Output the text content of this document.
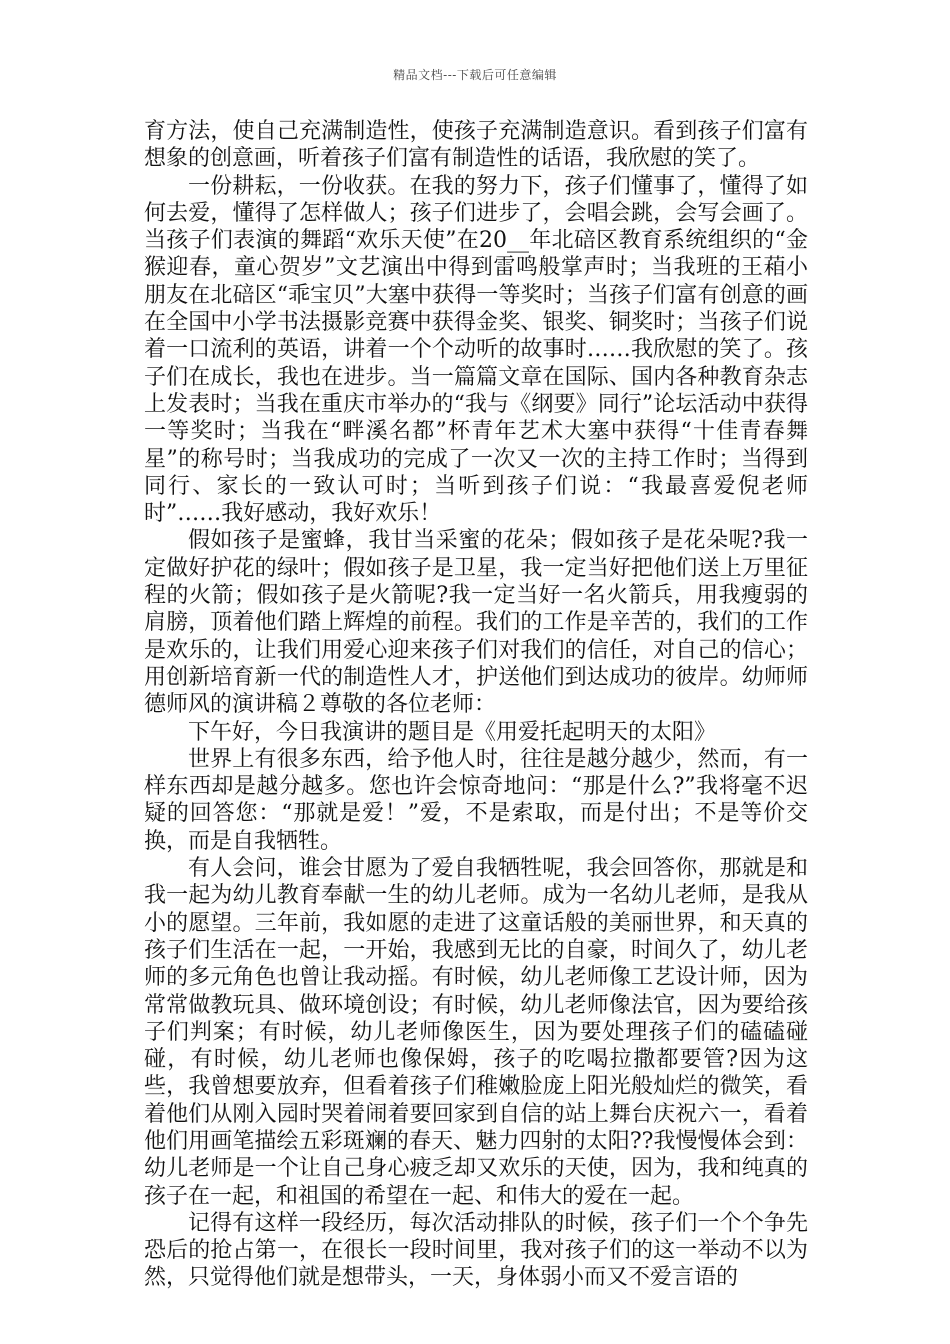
精品文档---下载后可任意编辑

育方法，使自己充满制造性，使孩子充满制造意识。看到孩子们富有想象的创意画，听着孩子们富有制造性的话语，我欣慰的笑了。

一份耕耘，一份收获。在我的努力下，孩子们懂事了，懂得了如何去爱，懂得了怎样做人；孩子们进步了，会唱会跳，会写会画了。当孩子们表演的舞蹈“欢乐天使”在20__年北碚区教育系统组织的“金猴迎春，童心贺岁”文艺演出中得到雷鸣般掌声时；当我班的王葙小朋友在北碚区“乖宝贝”大塞中获得一等奖时；当孩子们富有创意的画在全国中小学书法摄影竞赛中获得金奖、银奖、铜奖时；当孩子们说着一口流利的英语，讲着一个个动听的故事时……我欣慰的笑了。孩子们在成长，我也在进步。当一篇篇文章在国际、国内各种教育杂志上发表时；当我在重庆市举办的“我与《纲要》同行”论坛活动中获得一等奖时；当我在“畔溪名都”杯青年艺术大塞中获得“十佳青春舞星”的称号时；当我成功的完成了一次又一次的主持工作时；当得到同行、家长的一致认可时；当听到孩子们说：“我最喜爱倪老师时”……我好感动，我好欢乐！

假如孩子是蜜蜂，我甘当采蜜的花朵；假如孩子是花朵呢?我一定做好护花的绿叶；假如孩子是卫星，我一定当好把他们送上万里征程的火箭；假如孩子是火箭呢?我一定当好一名火箭兵，用我瘦弱的肩膀，顶着他们踏上辉煌的前程。我们的工作是辛苦的，我们的工作是欢乐的，让我们用爱心迎来孩子们对我们的信任，对自己的信心；用创新培育新一代的制造性人才，护送他们到达成功的彼岸。幼师师德师风的演讲稿２尊敬的各位老师：

下午好，今日我演讲的题目是《用爱托起明天的太阳》

世界上有很多东西，给予他人时，往往是越分越少，然而，有一样东西却是越分越多。您也许会惊奇地问：“那是什么?”我将毫不迟疑的回答您：“那就是爱！”爱，不是索取，而是付出；不是等价交换，而是自我牺牲。

有人会问，谁会甘愿为了爱自我牺牲呢，我会回答你，那就是和我一起为幼儿教育奉献一生的幼儿老师。成为一名幼儿老师，是我从小的愿望。三年前，我如愿的走进了这童话般的美丽世界，和天真的孩子们生活在一起，一开始，我感到无比的自豪，时间久了，幼儿老师的多元角色也曾让我动摇。有时候，幼儿老师像工艺设计师，因为常常做教玩具、做环境创设；有时候，幼儿老师像法官，因为要给孩子们判案；有时候，幼儿老师像医生，因为要处理孩子们的磕磕碰碰，有时候，幼儿老师也像保姆，孩子的吃喝拉撒都要管?因为这些，我曾想要放弃，但看着孩子们稚嫩脸庞上阳光般灿烂的微笑，看着他们从刚入园时哭着闹着要回家到自信的站上舞台庆祝六一，看着他们用画笔描绘五彩斑斓的春天、魅力四射的太阳??我慢慢体会到：幼儿老师是一个让自己身心疲乏却又欢乐的天使，因为，我和纯真的孩子在一起，和祖国的希望在一起、和伟大的爱在一起。

记得有这样一段经历，每次活动排队的时候，孩子们一个个争先恐后的抢占第一，在很长一段时间里，我对孩子们的这一举动不以为然，只觉得他们就是想带头，一天，身体弱小而又不爱言语的
